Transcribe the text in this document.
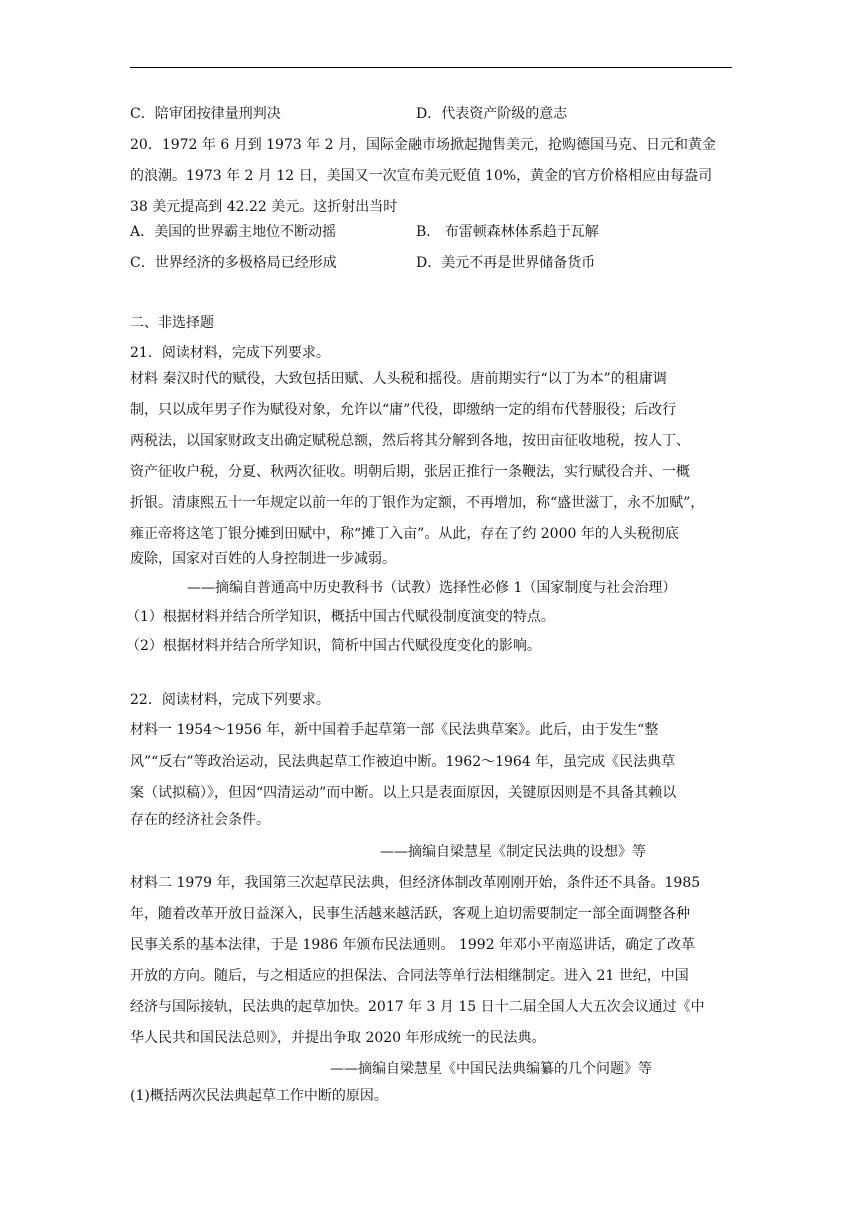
C．陪审团按律量刑判决	D．代表资产阶级的意志
20．1972 年 6 月到 1973 年 2 月，国际金融市场掀起抛售美元，抢购德国马克、日元和黄金
的浪潮。1973 年 2 月 12 日，美国又一次宣布美元贬值 10%，黄金的官方价格相应由每盎司
38 美元提高到 42.22 美元。这折射出当时
A．美国的世界霸主地位不断动摇	B． 布雷顿森林体系趋于瓦解
C．世界经济的多极格局已经形成	D．美元不再是世界储备货币
二、非选择题
21．阅读材料，完成下列要求。
材料 秦汉时代的赋役，大致包括田赋、人头税和摇役。唐前期实行“以丁为本”的租庸调
制，只以成年男子作为赋役对象，允许以“庸”代役，即缴纳一定的绢布代替服役；后改行
两税法，以国家财政支出确定赋税总额，然后将其分解到各地，按田亩征收地税，按人丁、
资产征收户税，分夏、秋两次征收。明朝后期，张居正推行一条鞭法，实行赋役合并、一概
折银。清康熙五十一年规定以前一年的丁银作为定额，不再增加，称“盛世滋丁，永不加赋”，
雍正帝将这笔丁银分摊到田赋中，称“摊丁入亩”。从此，存在了约 2000 年的人头税彻底
废除，国家对百姓的人身控制进一步减弱。
——摘编自普通高中历史教科书（试教）选择性必修 1（国家制度与社会治理）
（1）根据材料并结合所学知识，概括中国古代赋役制度演变的特点。
（2）根据材料并结合所学知识，简析中国古代赋役度变化的影响。
22．阅读材料，完成下列要求。
材料一 1954～1956 年，新中国着手起草第一部《民法典草案》。此后，由于发生“整
风”“反右”等政治运动，民法典起草工作被迫中断。1962～1964 年，虽完成《民法典草
案（试拟稿）》，但因“四清运动”而中断。以上只是表面原因，关键原因则是不具备其赖以
存在的经济社会条件。
——摘编自梁慧星《制定民法典的设想》等
材料二 1979 年，我国第三次起草民法典，但经济体制改革刚刚开始，条件还不具备。1985
年，随着改革开放日益深入，民事生活越来越活跃，客观上迫切需要制定一部全面调整各种
民事关系的基本法律，于是 1986 年颁布民法通则。 1992 年邓小平南巡讲话，确定了改革
开放的方向。随后，与之相适应的担保法、合同法等单行法相继制定。进入 21 世纪，中国
经济与国际接轨，民法典的起草加快。2017 年 3 月 15 日十二届全国人大五次会议通过《中
华人民共和国民法总则》，并提出争取 2020 年形成统一的民法典。
——摘编自梁慧星《中国民法典编纂的几个问题》等
(1)概括两次民法典起草工作中断的原因。
